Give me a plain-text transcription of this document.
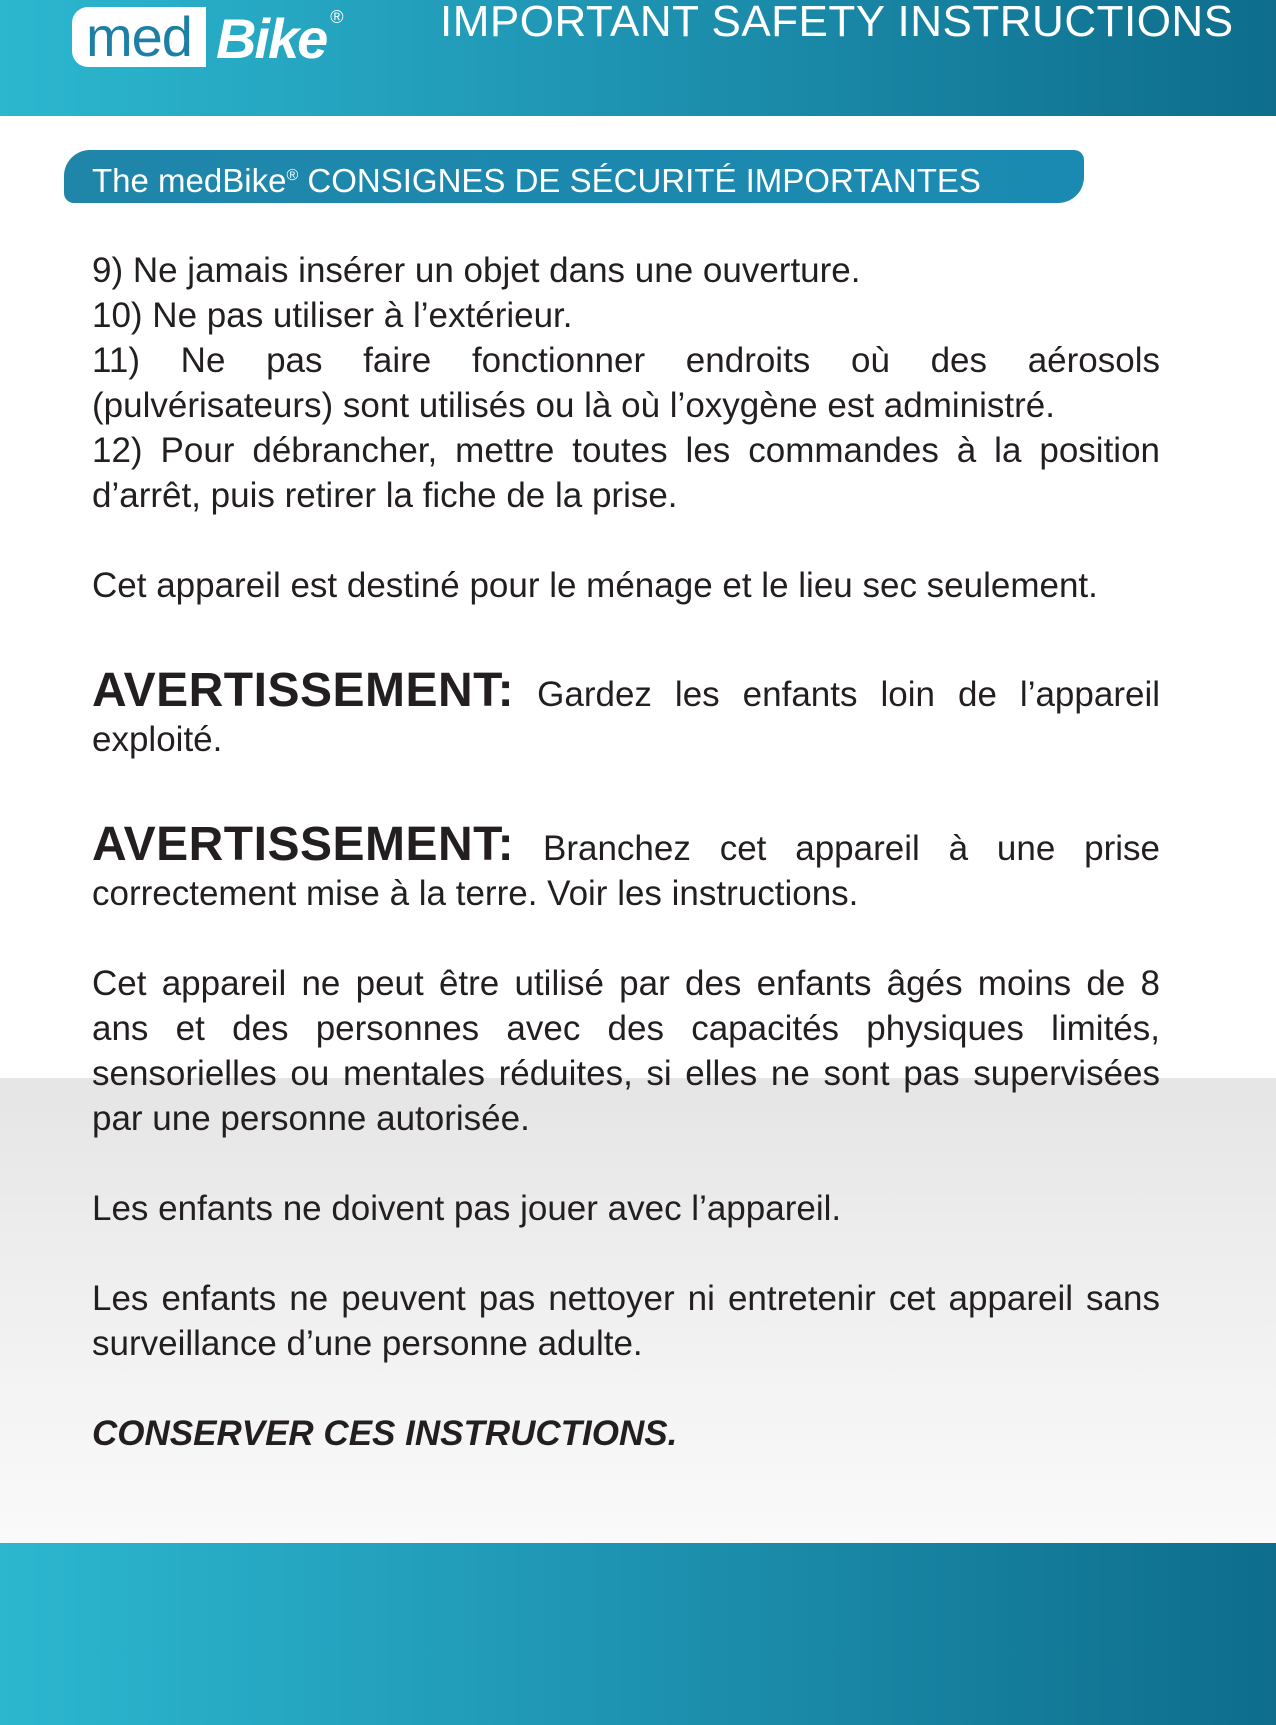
med Bike ® IMPORTANT SAFETY INSTRUCTIONS
The medBike® CONSIGNES DE SÉCURITÉ IMPORTANTES

9) Ne jamais insérer un objet dans une ouverture.

10) Ne pas utiliser à l’extérieur.

11) Ne pas faire fonctionner endroits où des aérosols (pulvérisateurs) sont utilisés ou là où l’oxygène est administré.

12) Pour débrancher, mettre toutes les commandes à la position d’arrêt, puis retirer la fiche de la prise.

Cet appareil est destiné pour le ménage et le lieu sec seulement.

AVERTISSEMENT: Gardez les enfants loin de l’appareil exploité.

AVERTISSEMENT: Branchez cet appareil à une prise correctement mise à la terre. Voir les instructions.

Cet appareil ne peut être utilisé par des enfants âgés moins de 8 ans et des personnes avec des capacités physiques limités, sensorielles ou mentales réduites, si elles ne sont pas supervisées par une personne autorisée.

Les enfants ne doivent pas jouer avec l’appareil.

Les enfants ne peuvent pas nettoyer ni entretenir cet appareil sans surveillance d’une personne adulte.

CONSERVER CES INSTRUCTIONS.
